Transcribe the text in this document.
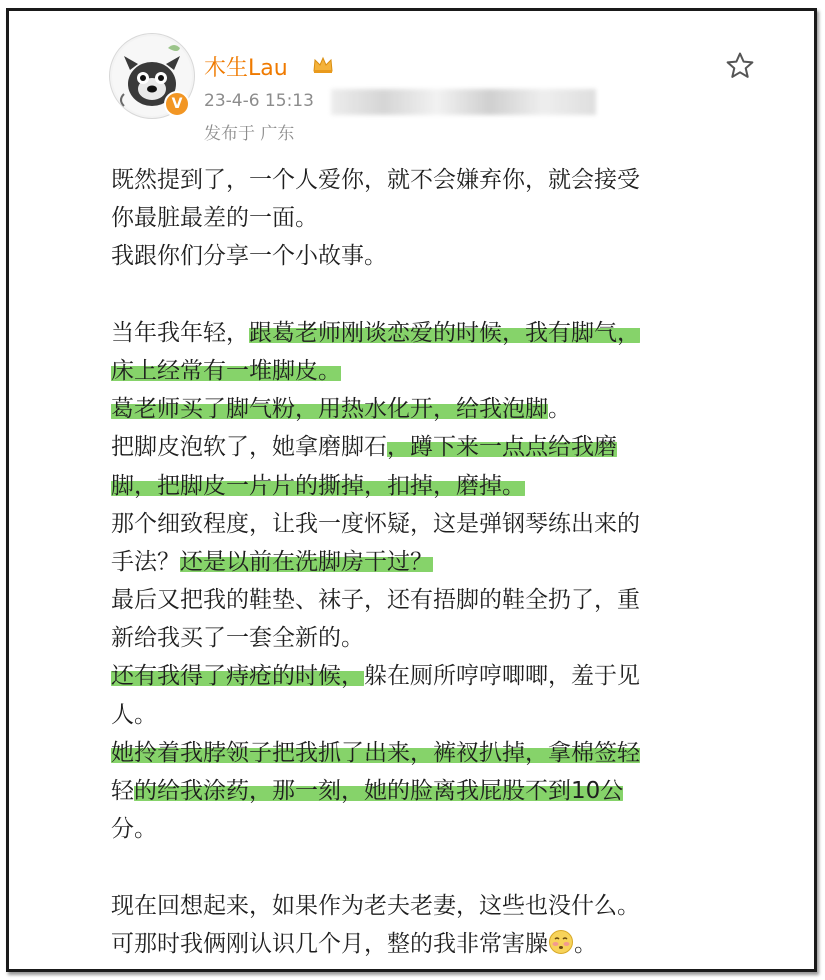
V
木生Lau
23-4-6 15:13
发布于 广东
既然提到了，一个人爱你，就不会嫌弃你，就会接受
你最脏最差的一面。
我跟你们分享一个小故事。
当年我年轻，跟葛老师刚谈恋爱的时候，我有脚气，
床上经常有一堆脚皮。
葛老师买了脚气粉，用热水化开，给我泡脚。
把脚皮泡软了，她拿磨脚石，蹲下来一点点给我磨
脚，把脚皮一片片的撕掉，扣掉，磨掉。
那个细致程度，让我一度怀疑，这是弹钢琴练出来的
手法？还是以前在洗脚房干过？
最后又把我的鞋垫、袜子，还有捂脚的鞋全扔了，重
新给我买了一套全新的。
还有我得了痔疮的时候，躲在厕所哼哼唧唧，羞于见
人。
她拎着我脖领子把我抓了出来，裤衩扒掉，拿棉签轻
轻的给我涂药，那一刻，她的脸离我屁股不到10公
分。
现在回想起来，如果作为老夫老妻，这些也没什么。
可那时我俩刚认识几个月，整的我非常害臊 。
